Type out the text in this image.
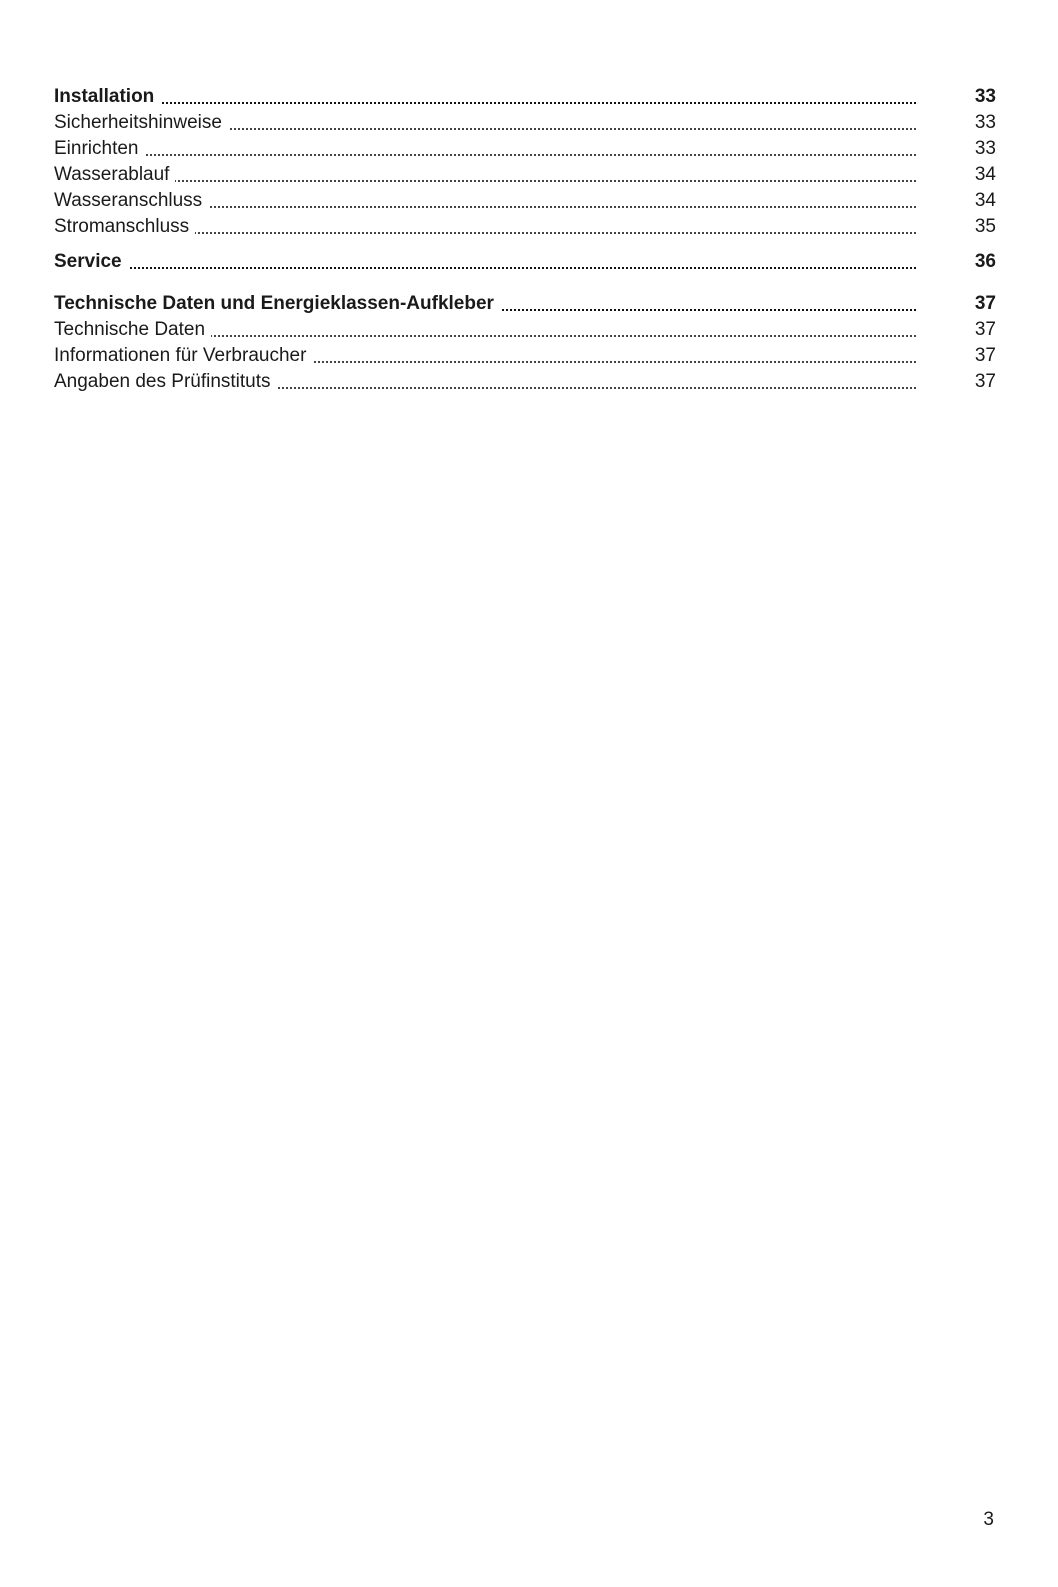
Installation	33
Sicherheitshinweise	33
Einrichten	33
Wasserablauf	34
Wasseranschluss	34
Stromanschluss	35
Service	36
Technische Daten und Energieklassen-Aufkleber	37
Technische Daten	37
Informationen für Verbraucher	37
Angaben des Prüfinstituts	37
3
